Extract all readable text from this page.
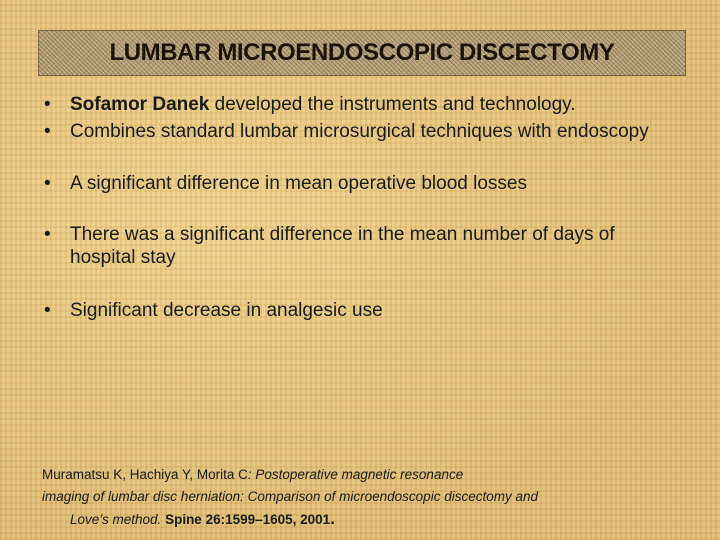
LUMBAR MICROENDOSCOPIC DISCECTOMY
• Sofamor Danek developed the instruments and technology.
• Combines standard lumbar microsurgical techniques with endoscopy
• A significant difference in mean operative blood losses
• There was a significant difference in the mean number of days of hospital stay
• Significant decrease in analgesic use
Muramatsu K, Hachiya Y, Morita C: Postoperative magnetic resonance
imaging of lumbar disc herniation: Comparison of microendoscopic discectomy and
Love’s method. Spine 26:1599–1605, 2001.
